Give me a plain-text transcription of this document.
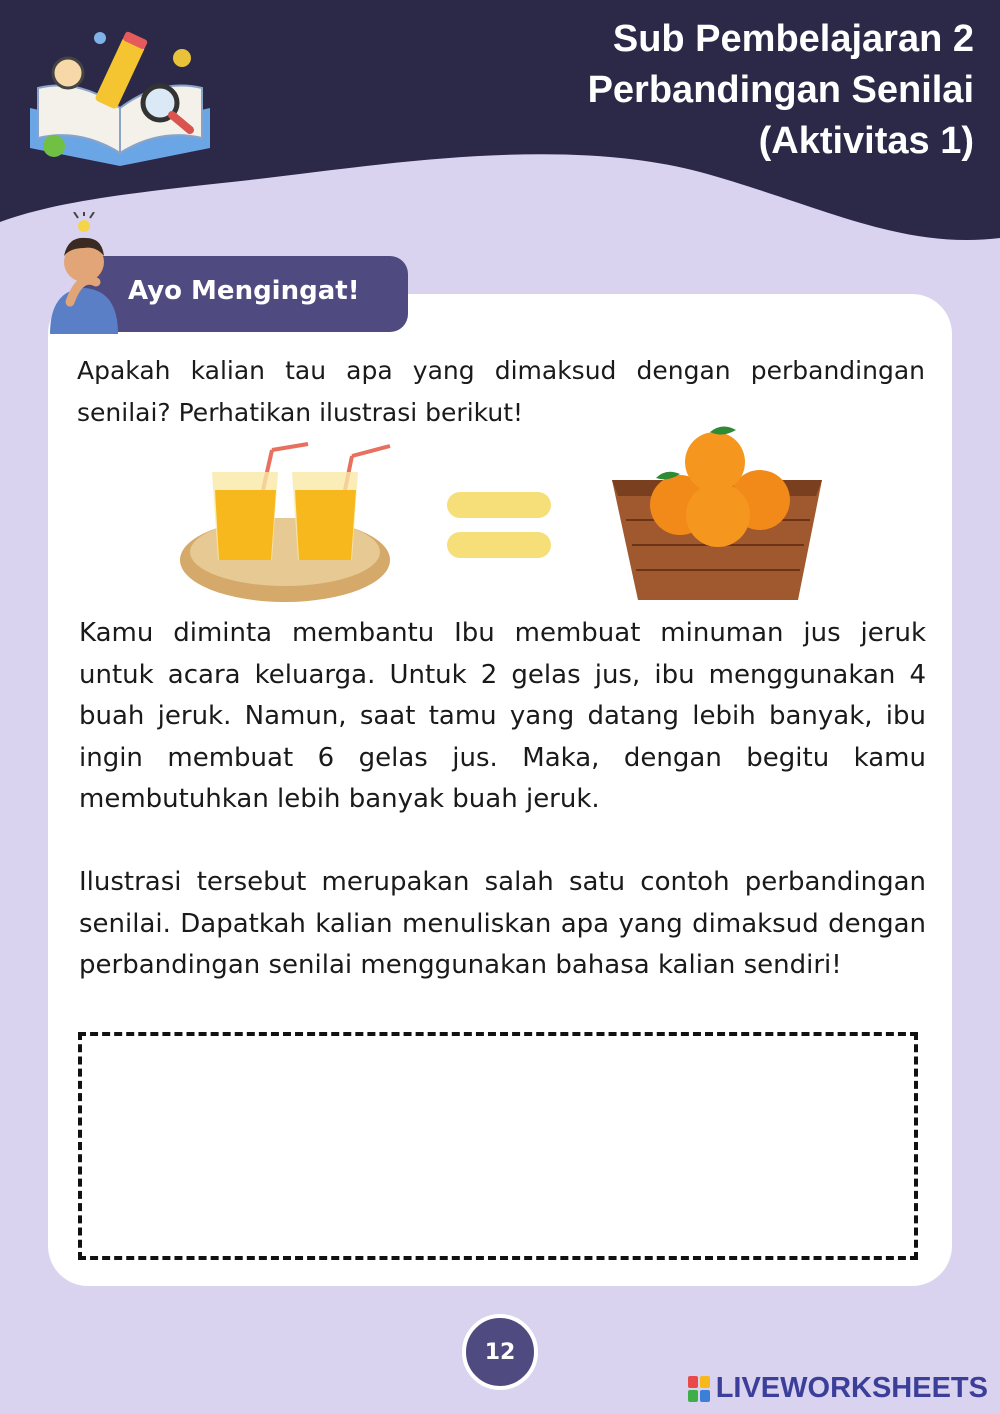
Sub Pembelajaran 2
Perbandingan Senilai
(Aktivitas 1)
Ayo Mengingat!
Apakah kalian tau apa yang dimaksud dengan perbandingan senilai? Perhatikan ilustrasi berikut!
Kamu diminta membantu Ibu membuat minuman jus jeruk untuk acara keluarga. Untuk 2 gelas jus, ibu menggunakan 4 buah jeruk. Namun, saat tamu yang datang lebih banyak, ibu ingin membuat 6 gelas jus. Maka, dengan begitu kamu membutuhkan lebih banyak buah jeruk.
Ilustrasi tersebut merupakan salah satu contoh perbandingan senilai. Dapatkah kalian menuliskan apa yang dimaksud dengan perbandingan senilai menggunakan bahasa kalian sendiri!
12
LIVEWORKSHEETS
